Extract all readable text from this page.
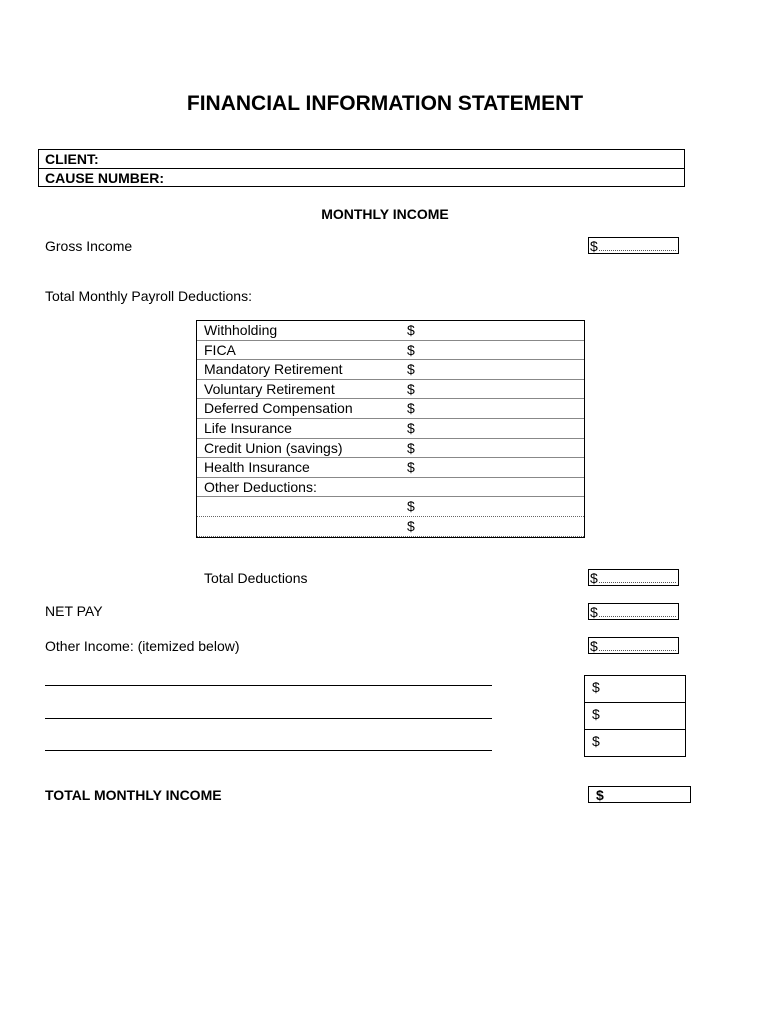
FINANCIAL INFORMATION STATEMENT
CLIENT:
CAUSE NUMBER:
MONTHLY INCOME
Gross Income	$
Total Monthly Payroll Deductions:
Withholding	$
FICA	$
Mandatory Retirement	$
Voluntary Retirement	$
Deferred Compensation	$
Life Insurance	$
Credit Union (savings)	$
Health Insurance	$
Other Deductions:
$
$
Total Deductions	$
NET PAY	$
Other Income: (itemized below)	$
$
$
$
TOTAL MONTHLY INCOME	$
